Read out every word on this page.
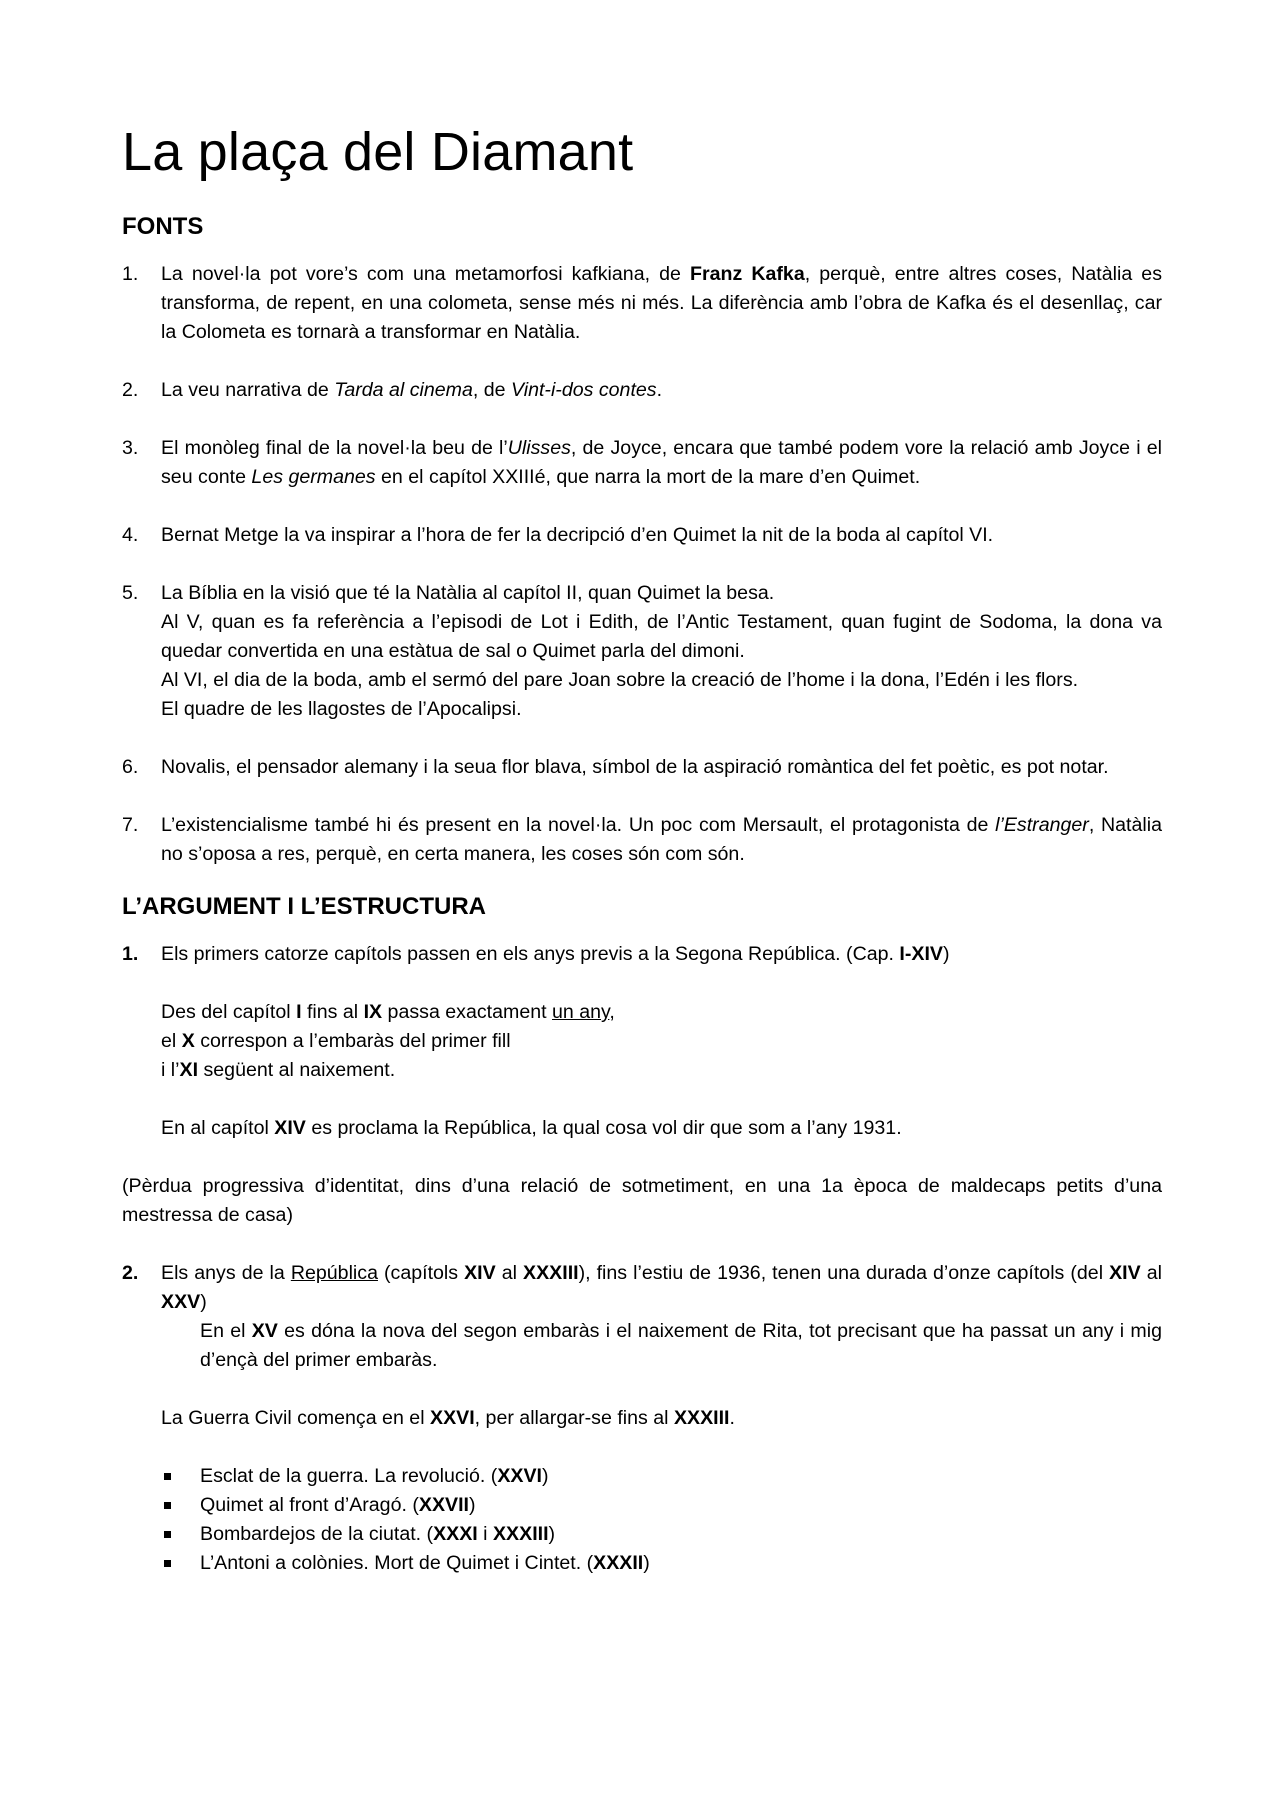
La plaça del Diamant
FONTS
1. La novel·la pot vore’s com una metamorfosi kafkiana, de Franz Kafka, perquè, entre altres coses, Natàlia es transforma, de repent, en una colometa, sense més ni més. La diferència amb l’obra de Kafka és el desenllaç, car la Colometa es tornarà a transformar en Natàlia.
2. La veu narrativa de Tarda al cinema, de Vint-i-dos contes.
3. El monòleg final de la novel·la beu de l’Ulisses, de Joyce, encara que també podem vore la relació amb Joyce i el seu conte Les germanes en el capítol XXIIIé, que narra la mort de la mare d’en Quimet.
4. Bernat Metge la va inspirar a l’hora de fer la decripció d’en Quimet la nit de la boda al capítol VI.
5. La Bíblia en la visió que té la Natàlia al capítol II, quan Quimet la besa.
Al V, quan es fa referència a l’episodi de Lot i Edith, de l’Antic Testament, quan fugint de Sodoma, la dona va quedar convertida en una estàtua de sal o Quimet parla del dimoni.
Al VI, el dia de la boda, amb el sermó del pare Joan sobre la creació de l’home i la dona, l’Edén i les flors.
El quadre de les llagostes de l’Apocalipsi.
6. Novalis, el pensador alemany i la seua flor blava, símbol de la aspiració romàntica del fet poètic, es pot notar.
7. L’existencialisme també hi és present en la novel·la. Un poc com Mersault, el protagonista de l’Estranger, Natàlia no s’oposa a res, perquè, en certa manera, les coses són com són.
L’ARGUMENT I L’ESTRUCTURA
1. Els primers catorze capítols passen en els anys previs a la Segona República. (Cap. I-XIV)
Des del capítol I fins al IX passa exactament un any,
el X correspon a l’embaràs del primer fill
i l’XI següent al naixement.
En al capítol XIV es proclama la República, la qual cosa vol dir que som a l’any 1931.
(Pèrdua progressiva d’identitat, dins d’una relació de sotmetiment, en una 1a època de maldecaps petits d’una mestressa de casa)
2. Els anys de la República (capítols XIV al XXXIII), fins l’estiu de 1936, tenen una durada d’onze capítols (del XIV al XXV)
En el XV es dóna la nova del segon embaràs i el naixement de Rita, tot precisant que ha passat un any i mig d’ençà del primer embaràs.
La Guerra Civil comença en el XXVI, per allargar-se fins al XXXIII.
Esclat de la guerra. La revolució. (XXVI)
Quimet al front d’Aragó. (XXVII)
Bombardejos de la ciutat. (XXXI i XXXIII)
L’Antoni a colònies. Mort de Quimet i Cintet. (XXXII)
